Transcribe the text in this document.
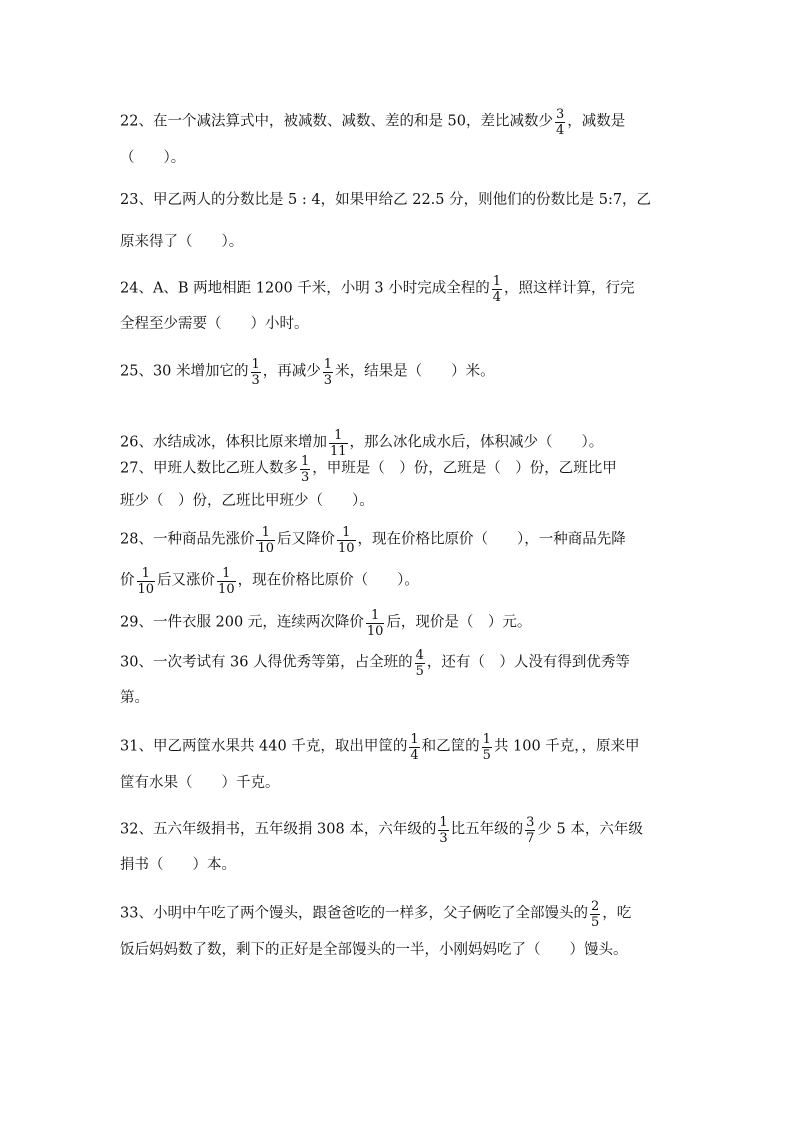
22、在一个减法算式中，被减数、减数、差的和是 50，差比减数少 $\frac{3}{4}$ ，减数是
（　　）。
23、甲乙两人的分数比是 5 : 4，如果甲给乙 22.5 分，则他们的份数比是 5:7，乙
原来得了（　　）。
24、A、B 两地相距 1200 千米，小明 3 小时完成全程的 $\frac{1}{4}$ ，照这样计算，行完
全程至少需要（　　）小时。
25、30 米增加它的 $\frac{1}{3}$ ，再减少 $\frac{1}{3}$ 米，结果是（　　）米。
26、水结成冰，体积比原来增加 $\frac{1}{11}$ ，那么冰化成水后，体积减少（　　）。
27、甲班人数比乙班人数多 $\frac{1}{3}$ ，甲班是（　）份，乙班是（　）份，乙班比甲
班少（　）份，乙班比甲班少（　　）。
28、一种商品先涨价 $\frac{1}{10}$ 后又降价 $\frac{1}{10}$ ，现在价格比原价（　　），一种商品先降
价 $\frac{1}{10}$ 后又涨价 $\frac{1}{10}$ ，现在价格比原价（　　）。
29、一件衣服 200 元，连续两次降价 $\frac{1}{10}$ 后，现价是（　）元。
30、一次考试有 36 人得优秀等第，占全班的 $\frac{4}{5}$ ，还有（　）人没有得到优秀等
第。
31、甲乙两筐水果共 440 千克，取出甲筐的 $\frac{1}{4}$ 和乙筐的 $\frac{1}{5}$ 共 100 千克，，原来甲
筐有水果（　　）千克。
32、五六年级捐书，五年级捐 308 本，六年级的 $\frac{1}{3}$ 比五年级的 $\frac{3}{7}$ 少 5 本，六年级
捐书（　　）本。
33、小明中午吃了两个馒头，跟爸爸吃的一样多，父子俩吃了全部馒头的 $\frac{2}{5}$ ，吃
饭后妈妈数了数，剩下的正好是全部馒头的一半，小刚妈妈吃了（　　）馒头。
